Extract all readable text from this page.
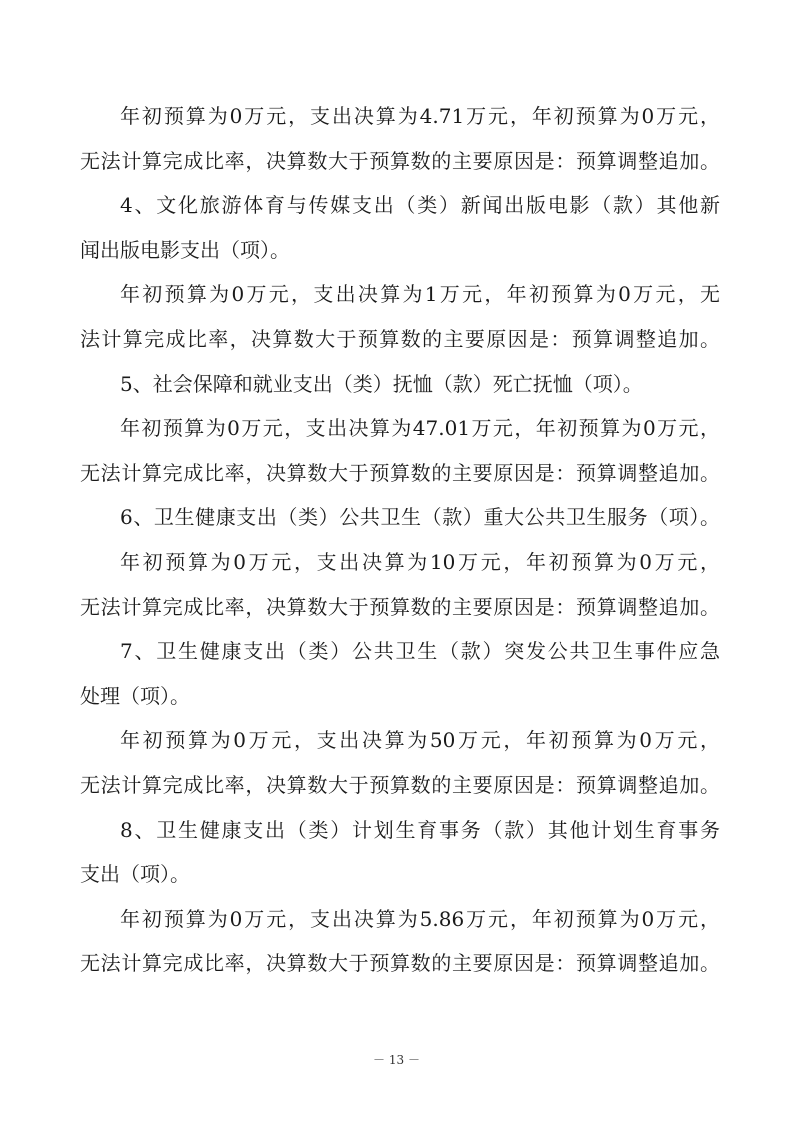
年初预算为0万元，支出决算为4.71万元，年初预算为0万元，
无法计算完成比率，决算数大于预算数的主要原因是：预算调整追加。
4、文化旅游体育与传媒支出（类）新闻出版电影（款）其他新
闻出版电影支出（项）。
年初预算为0万元，支出决算为1万元，年初预算为0万元，无
法计算完成比率，决算数大于预算数的主要原因是：预算调整追加。
5、社会保障和就业支出（类）抚恤（款）死亡抚恤（项）。
年初预算为0万元，支出决算为47.01万元，年初预算为0万元，
无法计算完成比率，决算数大于预算数的主要原因是：预算调整追加。
6、卫生健康支出（类）公共卫生（款）重大公共卫生服务（项）。
年初预算为0万元，支出决算为10万元，年初预算为0万元，
无法计算完成比率，决算数大于预算数的主要原因是：预算调整追加。
7、卫生健康支出（类）公共卫生（款）突发公共卫生事件应急
处理（项）。
年初预算为0万元，支出决算为50万元，年初预算为0万元，
无法计算完成比率，决算数大于预算数的主要原因是：预算调整追加。
8、卫生健康支出（类）计划生育事务（款）其他计划生育事务
支出（项）。
年初预算为0万元，支出决算为5.86万元，年初预算为0万元，
无法计算完成比率，决算数大于预算数的主要原因是：预算调整追加。
－ 13 －
